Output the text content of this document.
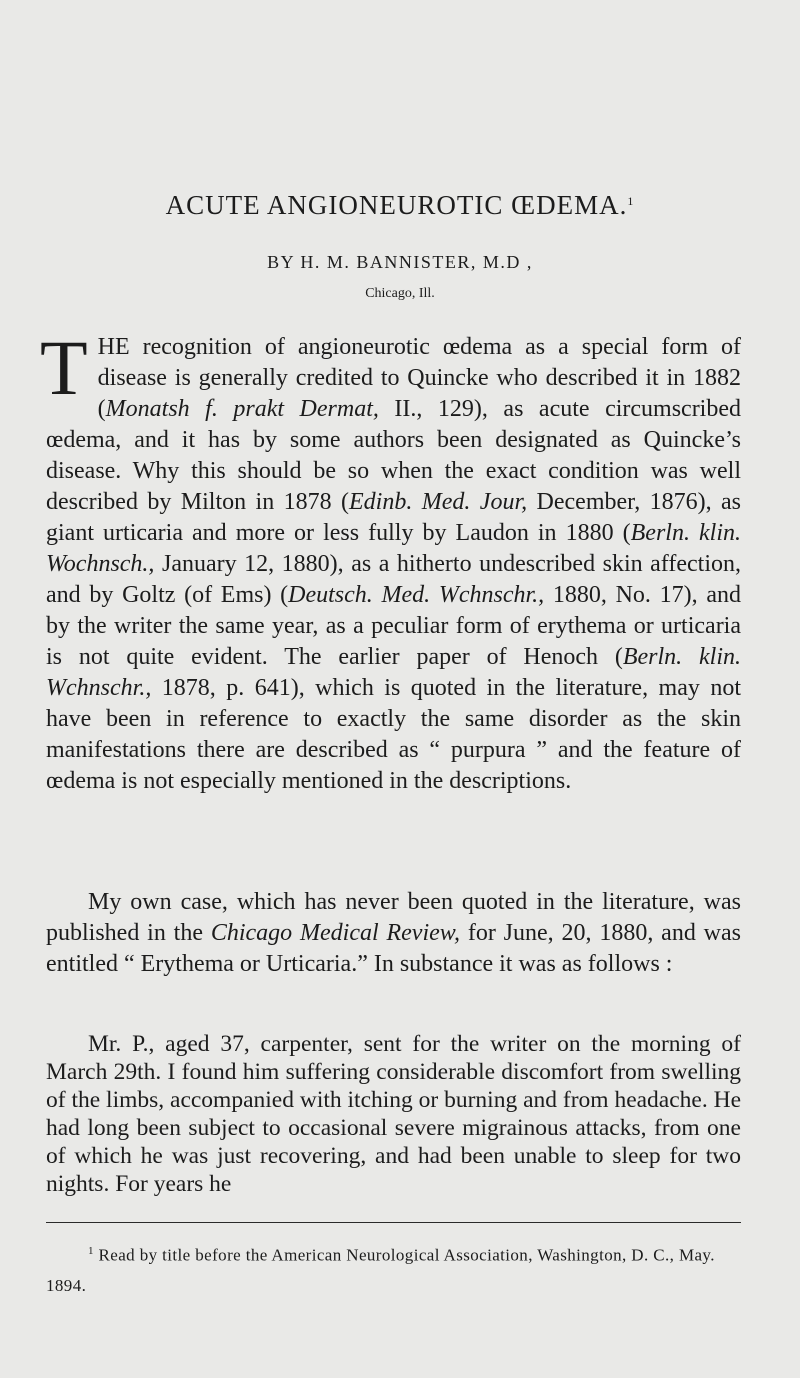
ACUTE ANGIONEUROTIC ŒDEMA.$^1$
BY H. M. BANNISTER, M.D ,
Chicago, Ill.
THE recognition of angioneurotic œdema as a special form of disease is generally credited to Quincke who described it in 1882 (Monatsh f. prakt Dermat, II., 129), as acute circumscribed œdema, and it has by some authors been designated as Quincke’s disease. Why this should be so when the exact condition was well described by Milton in 1878 (Edinb. Med. Jour, December, 1876), as giant urticaria and more or less fully by Laudon in 1880 (Berln. klin. Wochnsch., January 12, 1880), as a hitherto undescribed skin affection, and by Goltz (of Ems) (Deutsch. Med. Wchnschr., 1880, No. 17), and by the writer the same year, as a peculiar form of erythema or urticaria is not quite evident. The earlier paper of Henoch (Berln. klin. Wchnschr., 1878, p. 641), which is quoted in the literature, may not have been in reference to exactly the same disorder as the skin manifestations there are described as “ purpura ” and the feature of œdema is not especially mentioned in the descriptions.
My own case, which has never been quoted in the literature, was published in the Chicago Medical Review, for June, 20, 1880, and was entitled “ Erythema or Urticaria.” In substance it was as follows :
Mr. P., aged 37, carpenter, sent for the writer on the morning of March 29th. I found him suffering considerable discomfort from swelling of the limbs, accompanied with itching or burning and from headache. He had long been subject to occasional severe migrainous attacks, from one of which he was just recovering, and had been unable to sleep for two nights. For years he
$^1$ Read by title before the American Neurological Association, Washington, D. C., May. 1894.
